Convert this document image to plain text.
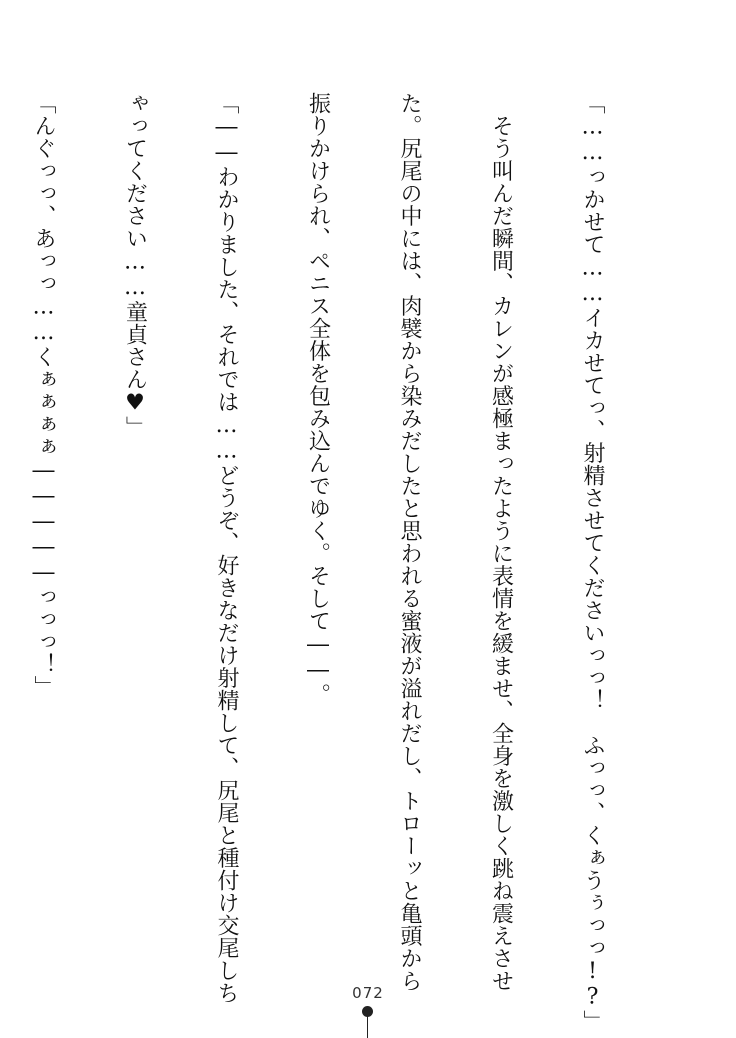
「……っかせて……イカせてっ、射精させてくださいっっ！　ふっっ、くぁうぅっっ!?」

　そう叫んだ瞬間、カレンが感極まったように表情を緩ませ、全身を激しく跳ね震えさせ

た。尻尾の中には、肉襞から染みだしたと思われる蜜液が溢れだし、トローッと亀頭から

振りかけられ、ペニス全体を包み込んでゆく。そして――。

「――わかりました、それでは……どうぞ、好きなだけ射精して、尻尾と種付け交尾しち

ゃってください……童貞さん♥」

「んぐっっ、あっっ……くぁぁぁぁ―――――っっっ！」

072
